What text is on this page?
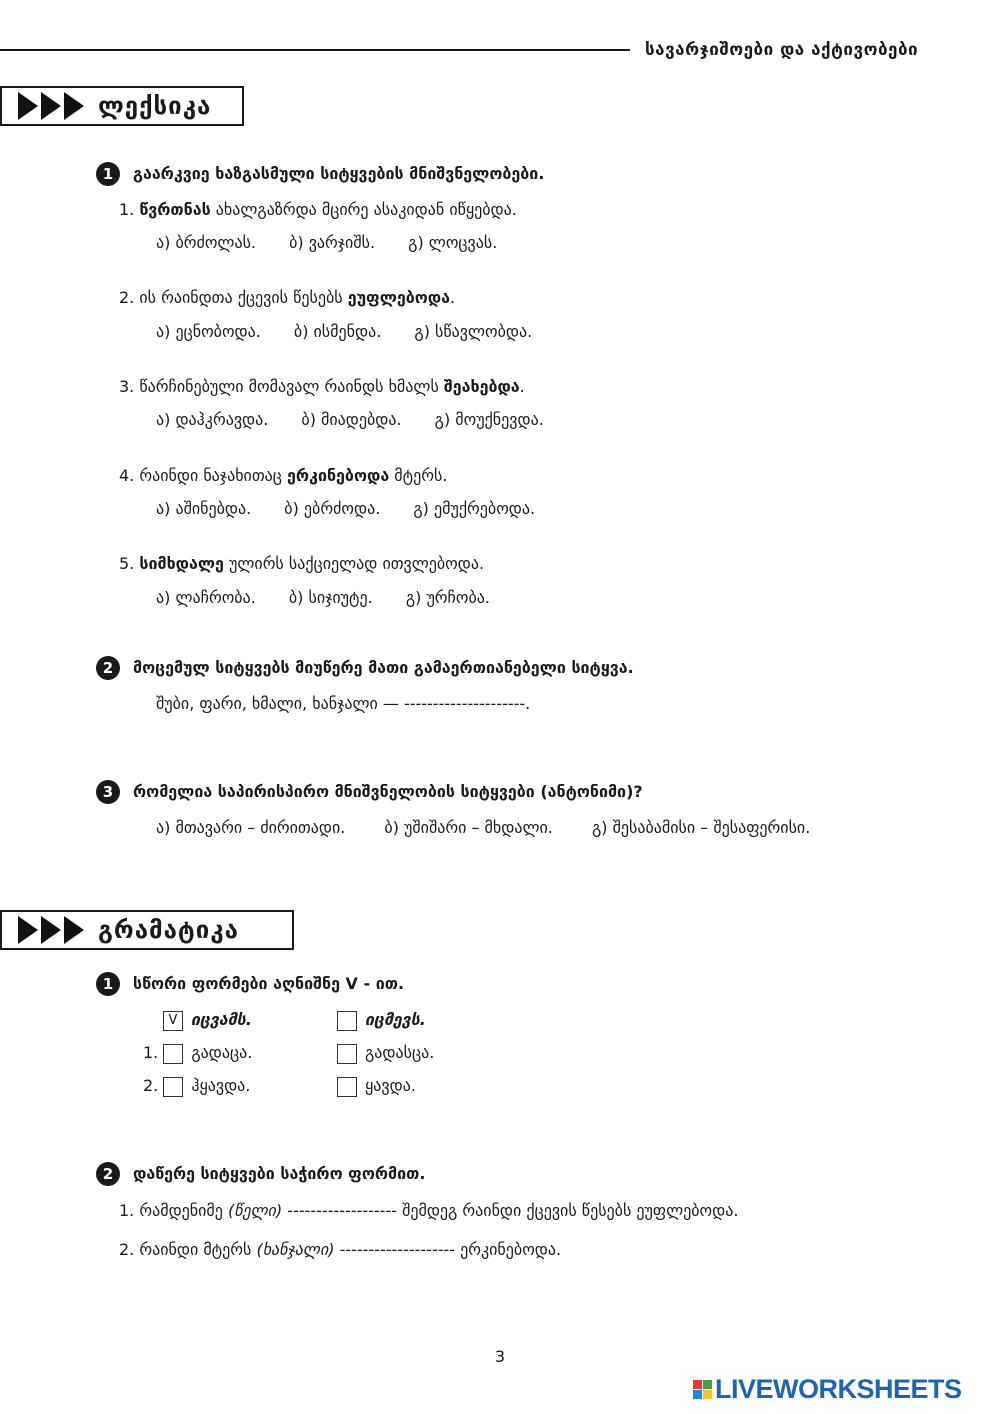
სავარჯიშოები და აქტივობები
ლექსიკა
1	გაარკვიე ხაზგასმული სიტყვების მნიშვნელობები.
1. წვრთნას ახალგაზრდა მცირე ასაკიდან იწყებდა.
ა) ბრძოლას. ბ) ვარჯიშს. გ) ლოცვას.
2. ის რაინდთა ქცევის წესებს ეუფლებოდა.
ა) ეცნობოდა. ბ) ისმენდა. გ) სწავლობდა.
3. წარჩინებული მომავალ რაინდს ხმალს შეახებდა.
ა) დაჰკრავდა. ბ) მიადებდა. გ) მოუქნევდა.
4. რაინდი ნაჯახითაც ერკინებოდა მტერს.
ა) აშინებდა. ბ) ებრძოდა. გ) ემუქრებოდა.
5. სიმხდალე ულირს საქციელად ითვლებოდა.
ა) ლაჩრობა. ბ) სიჯიუტე. გ) ურჩობა.
2	მოცემულ სიტყვებს მიუწერე მათი გამაერთიანებელი სიტყვა.
შუბი, ფარი, ხმალი, ხანჯალი — ---------------------.
3	რომელია საპირისპირო მნიშვნელობის სიტყვები (ანტონიმი)?
ა) მთავარი – ძირითადი. ბ) უშიშარი – მხდალი. გ) შესაბამისი – შესაფერისი.
გრამატიკა
1	სწორი ფორმები აღნიშნე V - ით.
V იცვამს.	იცმევს.
1. გადაცა.	გადასცა.
2. ჰყავდა.	ყავდა.
2	დაწერე სიტყვები საჭირო ფორმით.
1. რამდენიმე (წელი) ------------------- შემდეგ რაინდი ქცევის წესებს ეუფლებოდა.
2. რაინდი მტერს (ხანჯალი) -------------------- ერკინებოდა.
3
LIVEWORKSHEETS
